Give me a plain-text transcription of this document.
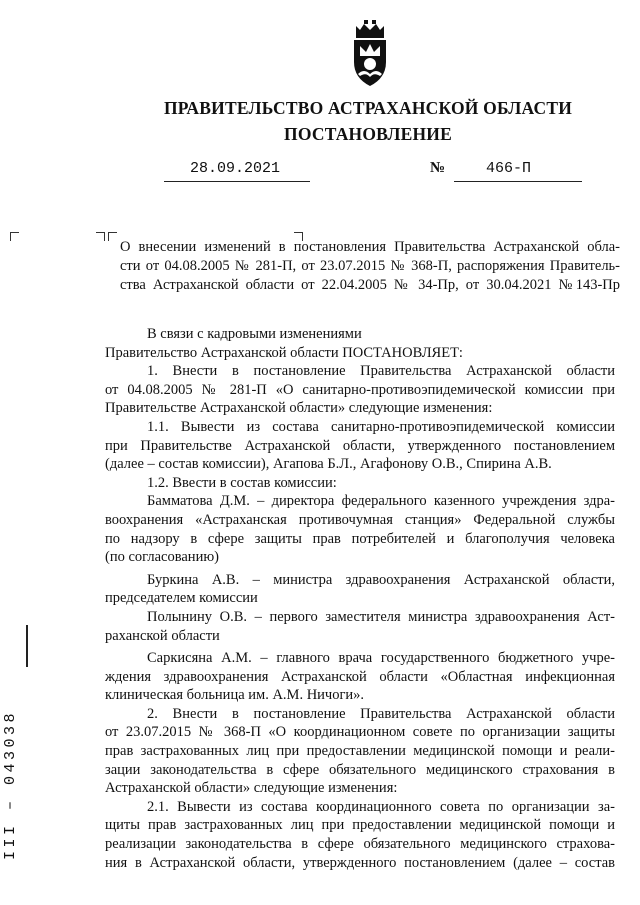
ПРАВИТЕЛЬСТВО АСТРАХАНСКОЙ ОБЛАСТИ
ПОСТАНОВЛЕНИЕ
28.09.2021	№	466-П
О внесении изменений в постановления Правительства Астраханской обла-
сти от 04.08.2005 № 281-П, от 23.07.2015 № 368-П, распоряжения Правитель-
ства Астраханской области от 22.04.2005 № 34-Пр, от 30.04.2021 №143-Пр
В связи с кадровыми изменениями
Правительство Астраханской области ПОСТАНОВЛЯЕТ:
1. Внести в постановление Правительства Астраханской области
от 04.08.2005 № 281-П «О санитарно-противоэпидемической комиссии при
Правительстве Астраханской области» следующие изменения:
1.1. Вывести из состава санитарно-противоэпидемической комиссии
при Правительстве Астраханской области, утвержденного постановлением
(далее – состав комиссии), Агапова Б.Л., Агафонову О.В., Спирина А.В.
1.2. Ввести в состав комиссии:
Бамматова Д.М. – директора федерального казенного учреждения здра-
воохранения «Астраханская противочумная станция» Федеральной службы
по надзору в сфере защиты прав потребителей и благополучия человека
(по согласованию)
Буркина А.В. – министра здравоохранения Астраханской области,
председателем комиссии
Полынину О.В. – первого заместителя министра здравоохранения Аст-
раханской области
Саркисяна А.М. – главного врача государственного бюджетного учре-
ждения здравоохранения Астраханской области «Областная инфекционная
клиническая больница им. А.М. Ничоги».
2. Внести в постановление Правительства Астраханской области
от 23.07.2015 № 368-П «О координационном совете по организации защиты
прав застрахованных лиц при предоставлении медицинской помощи и реали-
зации законодательства в сфере обязательного медицинского страхования в
Астраханской области» следующие изменения:
2.1. Вывести из состава координационного совета по организации за-
щиты прав застрахованных лиц при предоставлении медицинской помощи и
реализации законодательства в сфере обязательного медицинского страхова-
ния в Астраханской области, утвержденного постановлением (далее – состав
ІІІ – 043038
